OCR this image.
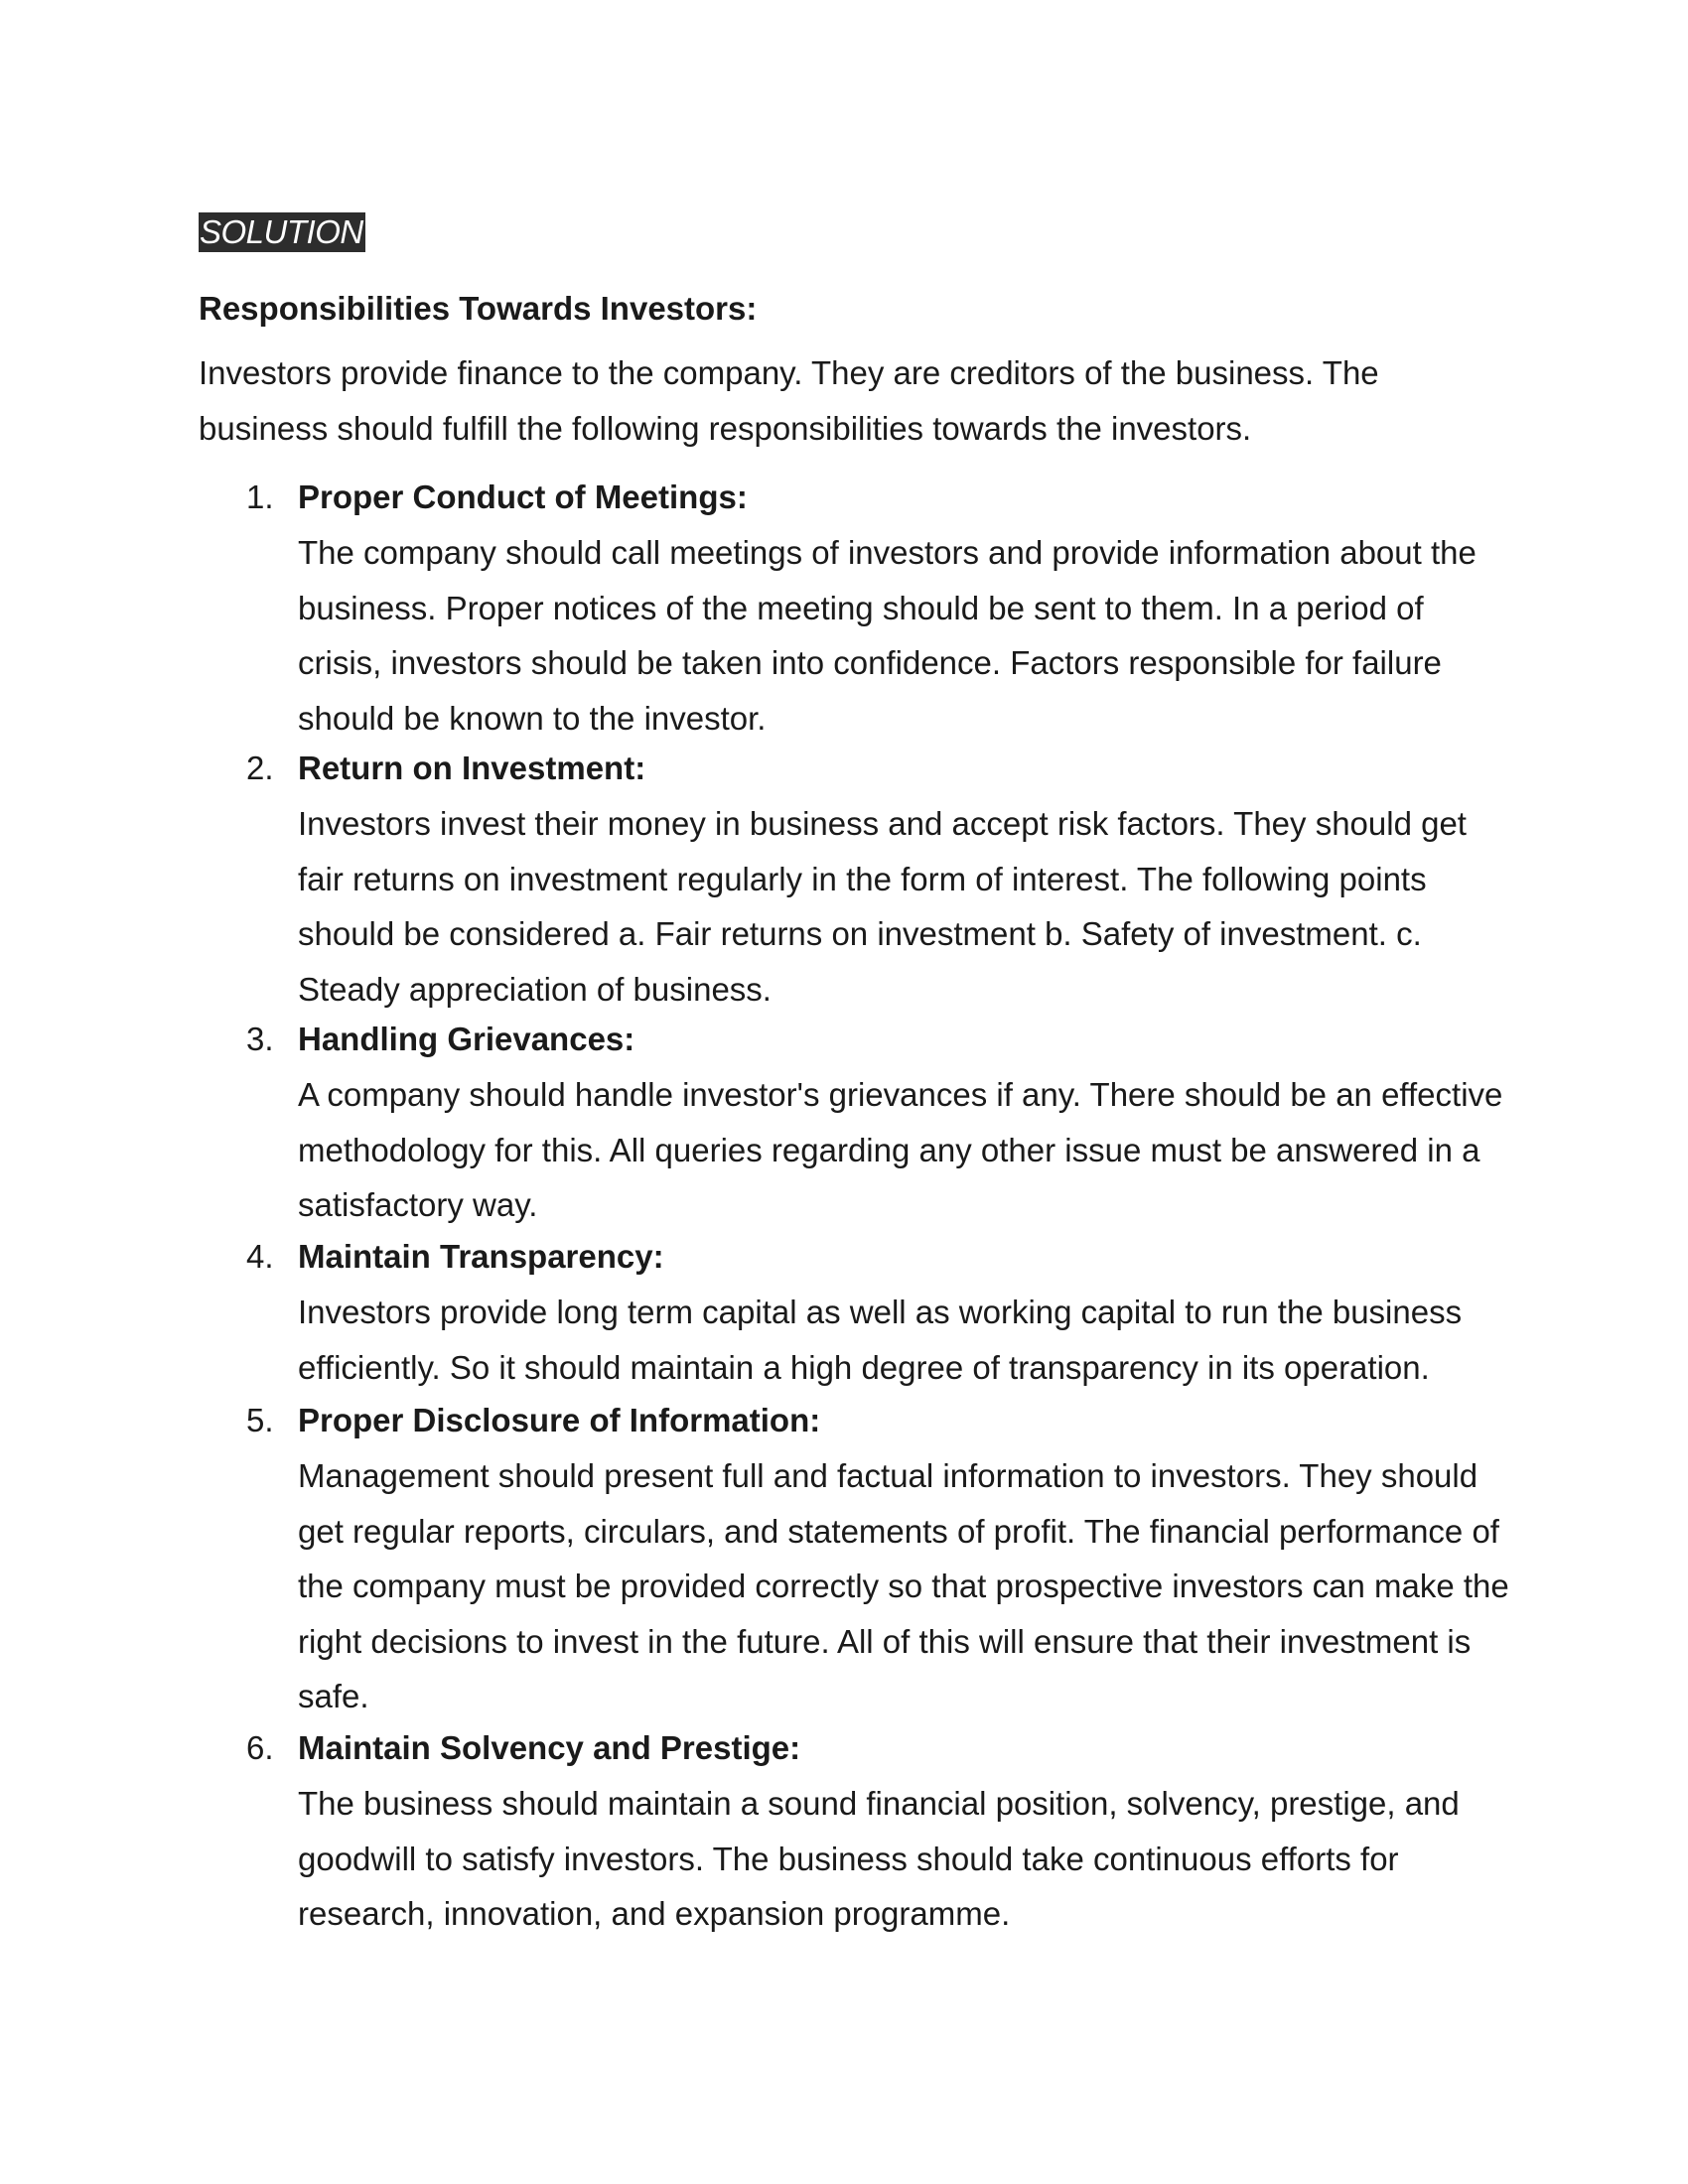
SOLUTION
Responsibilities Towards Investors:

Investors provide finance to the company. They are creditors of the business. The business should fulfill the following responsibilities towards the investors.

1. Proper Conduct of Meetings:
The company should call meetings of investors and provide information about the business. Proper notices of the meeting should be sent to them. In a period of crisis, investors should be taken into confidence. Factors responsible for failure should be known to the investor.
2. Return on Investment:
Investors invest their money in business and accept risk factors. They should get fair returns on investment regularly in the form of interest. The following points should be considered a. Fair returns on investment b. Safety of investment. c. Steady appreciation of business.
3. Handling Grievances:
A company should handle investor's grievances if any. There should be an effective methodology for this. All queries regarding any other issue must be answered in a satisfactory way.
4. Maintain Transparency:
Investors provide long term capital as well as working capital to run the business efficiently. So it should maintain a high degree of transparency in its operation.
5. Proper Disclosure of Information:
Management should present full and factual information to investors. They should get regular reports, circulars, and statements of profit. The financial performance of the company must be provided correctly so that prospective investors can make the right decisions to invest in the future. All of this will ensure that their investment is safe.
6. Maintain Solvency and Prestige:
The business should maintain a sound financial position, solvency, prestige, and goodwill to satisfy investors. The business should take continuous efforts for research, innovation, and expansion programme.
